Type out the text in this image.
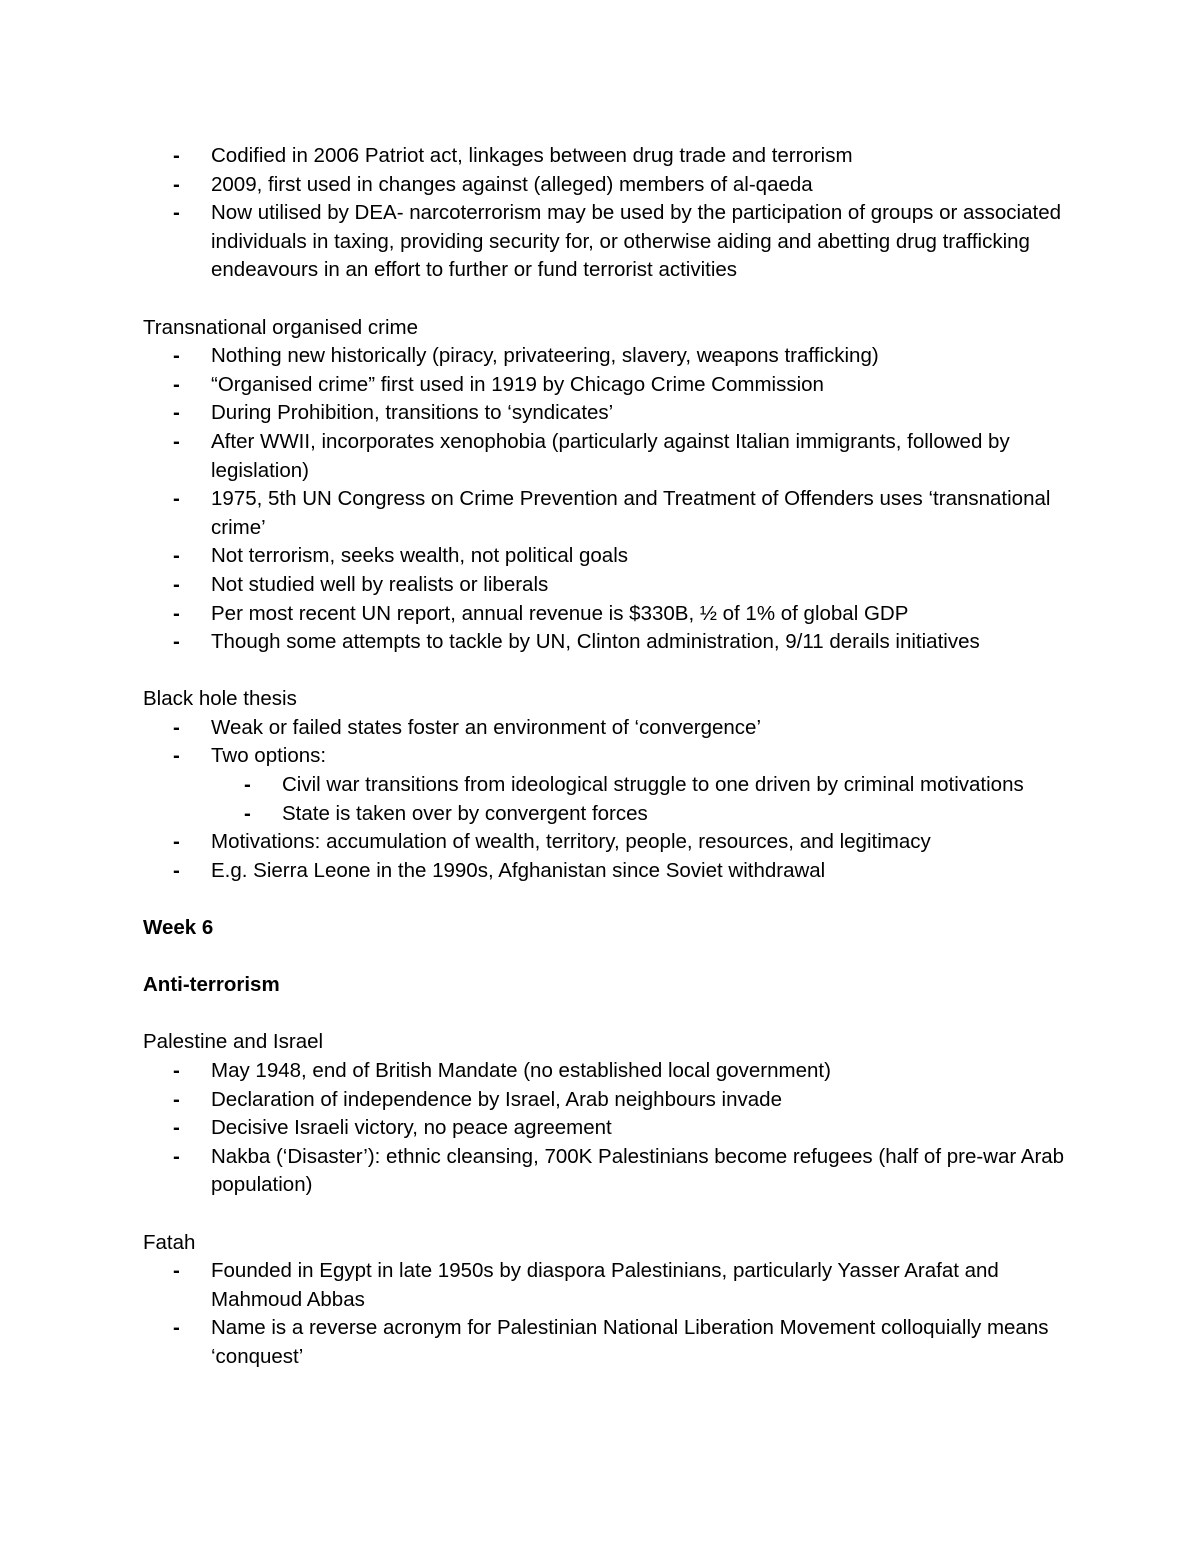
- Codified in 2006 Patriot act, linkages between drug trade and terrorism
- 2009, first used in changes against (alleged) members of al-qaeda
- Now utilised by DEA- narcoterrorism may be used by the participation of groups or associated individuals in taxing, providing security for, or otherwise aiding and abetting drug trafficking endeavours in an effort to further or fund terrorist activities

Transnational organised crime

- Nothing new historically (piracy, privateering, slavery, weapons trafficking)
- “Organised crime” first used in 1919 by Chicago Crime Commission
- During Prohibition, transitions to ‘syndicates’
- After WWII, incorporates xenophobia (particularly against Italian immigrants, followed by legislation)
- 1975, 5th UN Congress on Crime Prevention and Treatment of Offenders uses ‘transnational crime’
- Not terrorism, seeks wealth, not political goals
- Not studied well by realists or liberals
- Per most recent UN report, annual revenue is $330B, ½ of 1% of global GDP
- Though some attempts to tackle by UN, Clinton administration, 9/11 derails initiatives

Black hole thesis

- Weak or failed states foster an environment of ‘convergence’
- Two options:
- Civil war transitions from ideological struggle to one driven by criminal motivations
- State is taken over by convergent forces
- Motivations: accumulation of wealth, territory, people, resources, and legitimacy
- E.g. Sierra Leone in the 1990s, Afghanistan since Soviet withdrawal

Week 6

Anti-terrorism

Palestine and Israel

- May 1948, end of British Mandate (no established local government)
- Declaration of independence by Israel, Arab neighbours invade
- Decisive Israeli victory, no peace agreement
- Nakba (‘Disaster’): ethnic cleansing, 700K Palestinians become refugees (half of pre-war Arab population)

Fatah

- Founded in Egypt in late 1950s by diaspora Palestinians, particularly Yasser Arafat and Mahmoud Abbas
- Name is a reverse acronym for Palestinian National Liberation Movement colloquially means ‘conquest’
